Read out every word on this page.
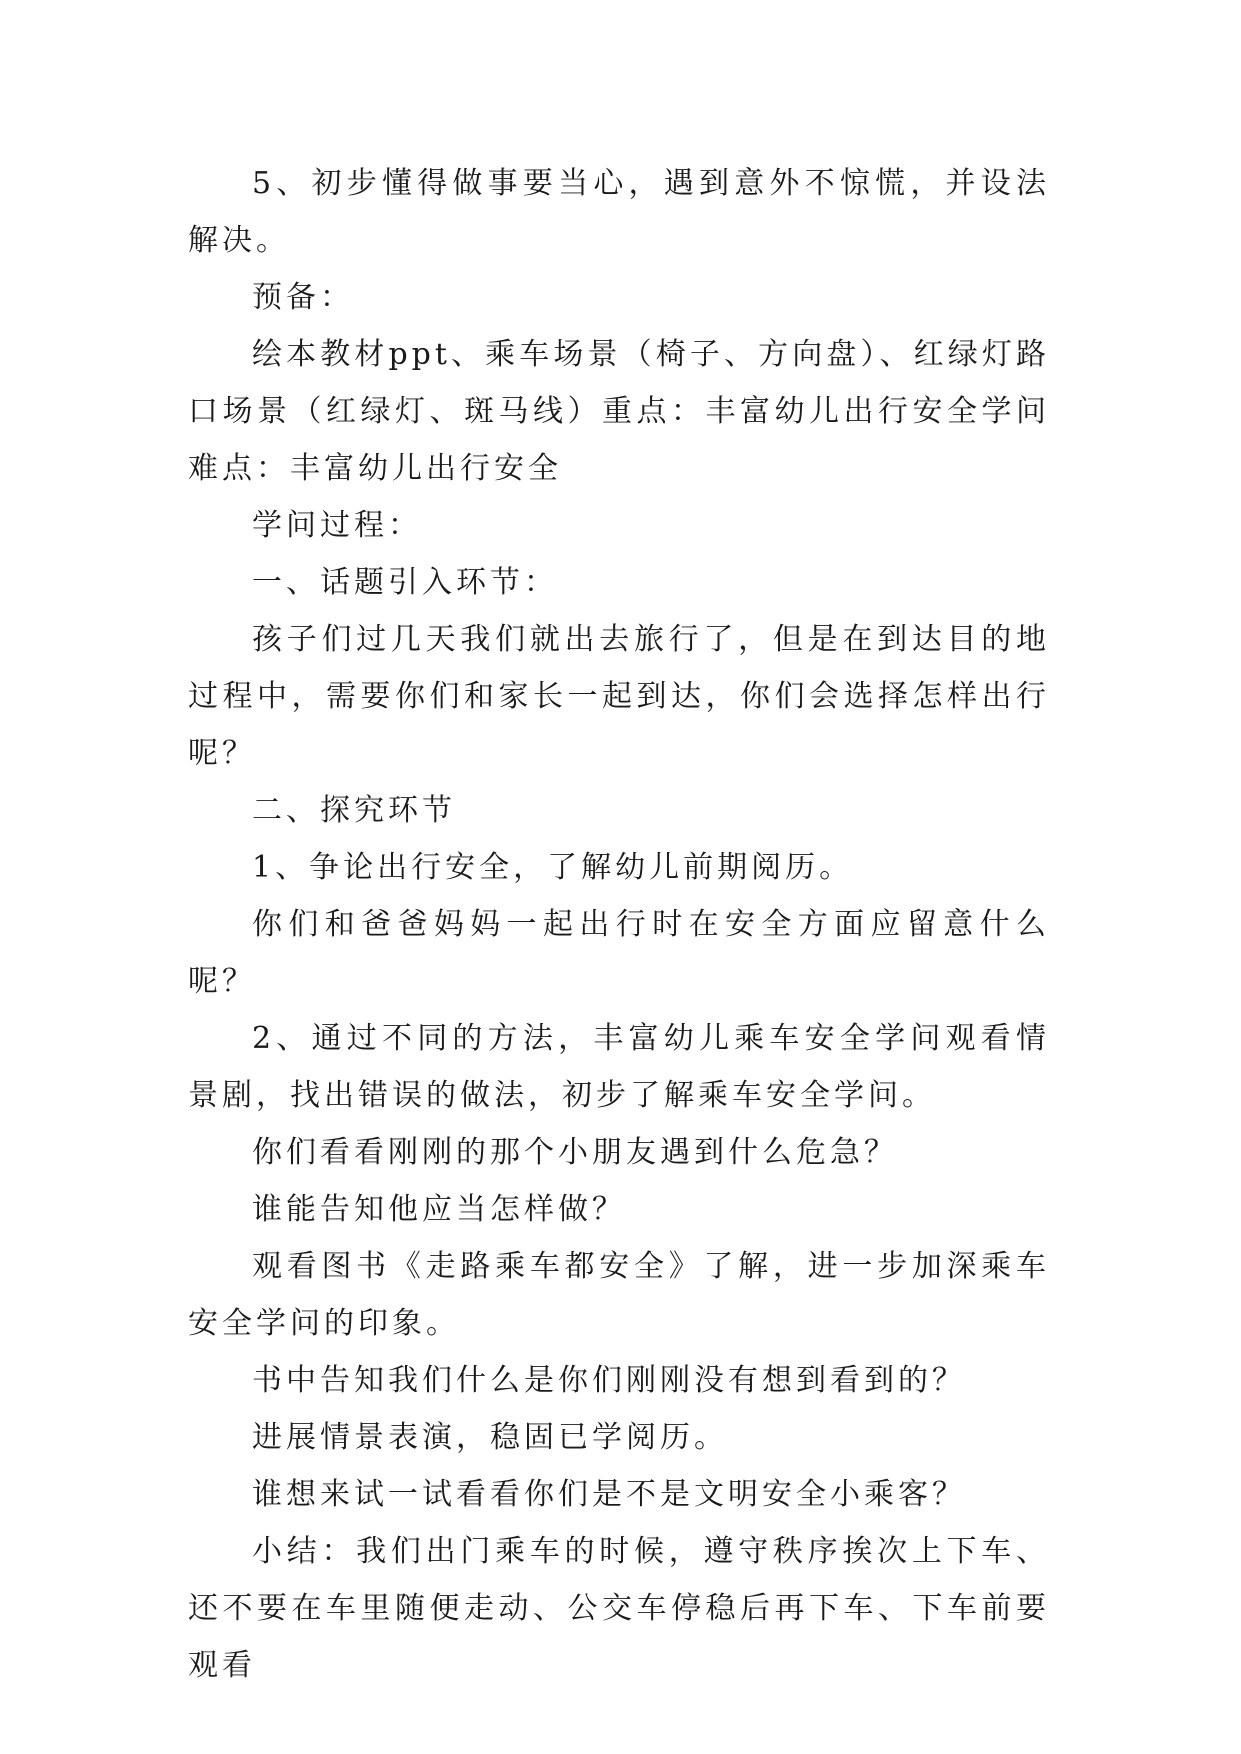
5、初步懂得做事要当心，遇到意外不惊慌，并设法解决。

预备：

绘本教材ppt、乘车场景（椅子、方向盘）、红绿灯路口场景（红绿灯、斑马线）重点：丰富幼儿出行安全学问难点：丰富幼儿出行安全

学问过程：

一、话题引入环节：

孩子们过几天我们就出去旅行了，但是在到达目的地过程中，需要你们和家长一起到达，你们会选择怎样出行呢？

二、探究环节

1、争论出行安全，了解幼儿前期阅历。

你们和爸爸妈妈一起出行时在安全方面应留意什么呢？

2、通过不同的方法，丰富幼儿乘车安全学问观看情景剧，找出错误的做法，初步了解乘车安全学问。

你们看看刚刚的那个小朋友遇到什么危急？

谁能告知他应当怎样做？

观看图书《走路乘车都安全》了解，进一步加深乘车安全学问的印象。

书中告知我们什么是你们刚刚没有想到看到的？

进展情景表演，稳固已学阅历。

谁想来试一试看看你们是不是文明安全小乘客？

小结：我们出门乘车的时候，遵守秩序挨次上下车、还不要在车里随便走动、公交车停稳后再下车、下车前要观看
